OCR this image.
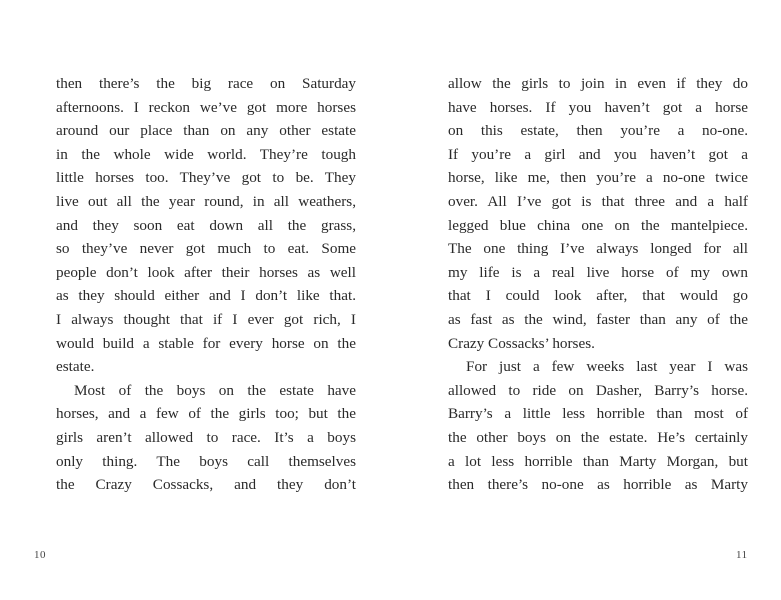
then there’s the big race on Saturday
afternoons. I reckon we’ve got more horses
around our place than on any other estate
in the whole wide world. They’re tough
little horses too. They’ve got to be. They
live out all the year round, in all weathers,
and they soon eat down all the grass,
so they’ve never got much to eat. Some
people don’t look after their horses as well
as they should either and I don’t like that.
I always thought that if I ever got rich, I
would build a stable for every horse on the
estate.

Most of the boys on the estate have
horses, and a few of the girls too; but the
girls aren’t allowed to race. It’s a boys
only thing. The boys call themselves
the Crazy Cossacks, and they don’t

allow the girls to join in even if they do
have horses. If you haven’t got a horse
on this estate, then you’re a no-one.
If you’re a girl and you haven’t got a
horse, like me, then you’re a no-one twice
over. All I’ve got is that three and a half
legged blue china one on the mantelpiece.
The one thing I’ve always longed for all
my life is a real live horse of my own
that I could look after, that would go
as fast as the wind, faster than any of the
Crazy Cossacks’ horses.

For just a few weeks last year I was
allowed to ride on Dasher, Barry’s horse.
Barry’s a little less horrible than most of
the other boys on the estate. He’s certainly
a lot less horrible than Marty Morgan, but
then there’s no-one as horrible as Marty

10	11
